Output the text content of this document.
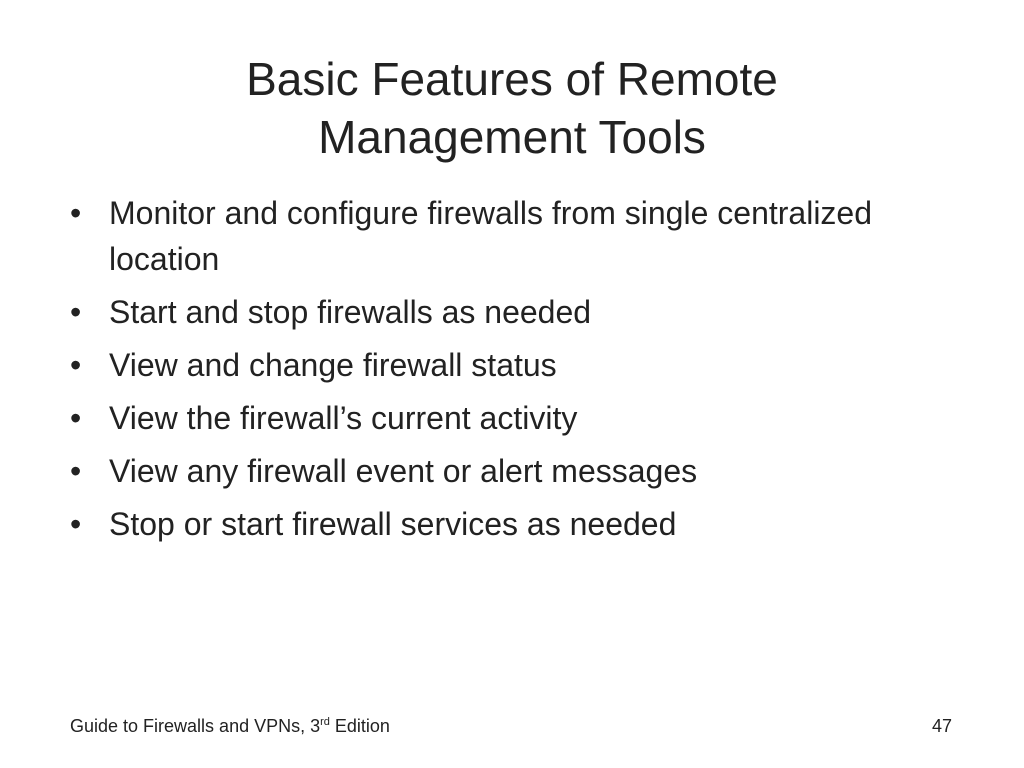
Basic Features of Remote
Management Tools
• Monitor and configure firewalls from single centralized location
• Start and stop firewalls as needed
• View and change firewall status
• View the firewall’s current activity
• View any firewall event or alert messages
• Stop or start firewall services as needed
Guide to Firewalls and VPNs, 3rd Edition	47
